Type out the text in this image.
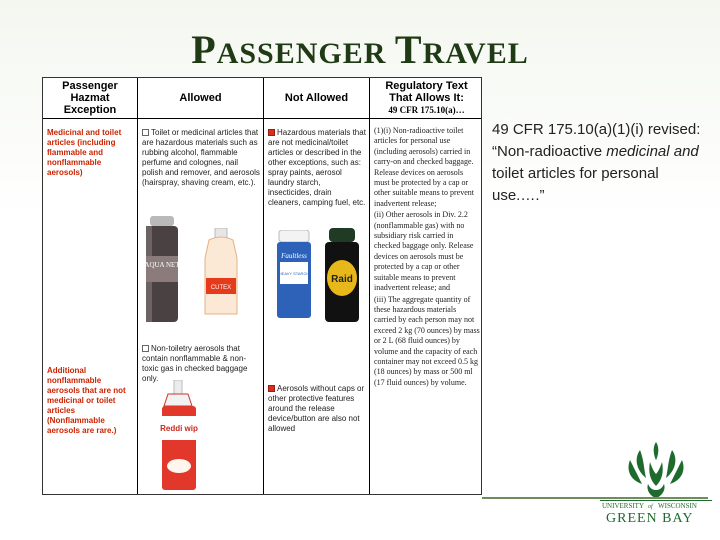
PASSENGER TRAVEL
Passenger
Hazmat Exception
Medicinal and toilet articles (including flammable and nonflammable aerosols)
Additional nonflammable aerosols that are not medicinal or toilet articles (Nonflammable aerosols are rare.)
Allowed
Toilet or medicinal articles that are hazardous materials such as rubbing alcohol, flammable perfume and colognes, nail polish and remover, and aerosols (hairspray, shaving cream, etc.).
AQUA NET
CUTEX
Non-toiletry aerosols that contain nonflammable & non-toxic gas in checked baggage only.
Reddi wip
Not Allowed
Hazardous materials that are not medicinal/toilet articles or described in the other exceptions, such as: spray paints, aerosol laundry starch, insecticides, drain cleaners, camping fuel, etc.
Faultless
HEAVY STARCH
Raid
Aerosols without caps or other protective features around the release device/button are also not allowed
Regulatory Text
That Allows It:
49 CFR 175.10(a)…
(1)(i) Non-radioactive toilet articles for personal use (including aerosols) carried in carry-on and checked baggage. Release devices on aerosols must be protected by a cap or other suitable means to prevent inadvertent release;
(ii) Other aerosols in Div. 2.2 (nonflammable gas) with no subsidiary risk carried in checked baggage only. Release devices on aerosols must be protected by a cap or other suitable means to prevent inadvertent release; and
(iii) The aggregate quantity of these hazardous materials carried by each person may not exceed 2 kg (70 ounces) by mass or 2 L (68 fluid ounces) by volume and the capacity of each container may not exceed 0.5 kg (18 ounces) by mass or 500 ml (17 fluid ounces) by volume.
49 CFR 175.10(a)(1)(i) revised: “Non-radioactive medicinal and toilet articles for personal use.….”
UNIVERSITY of WISCONSIN
GREEN BAY
